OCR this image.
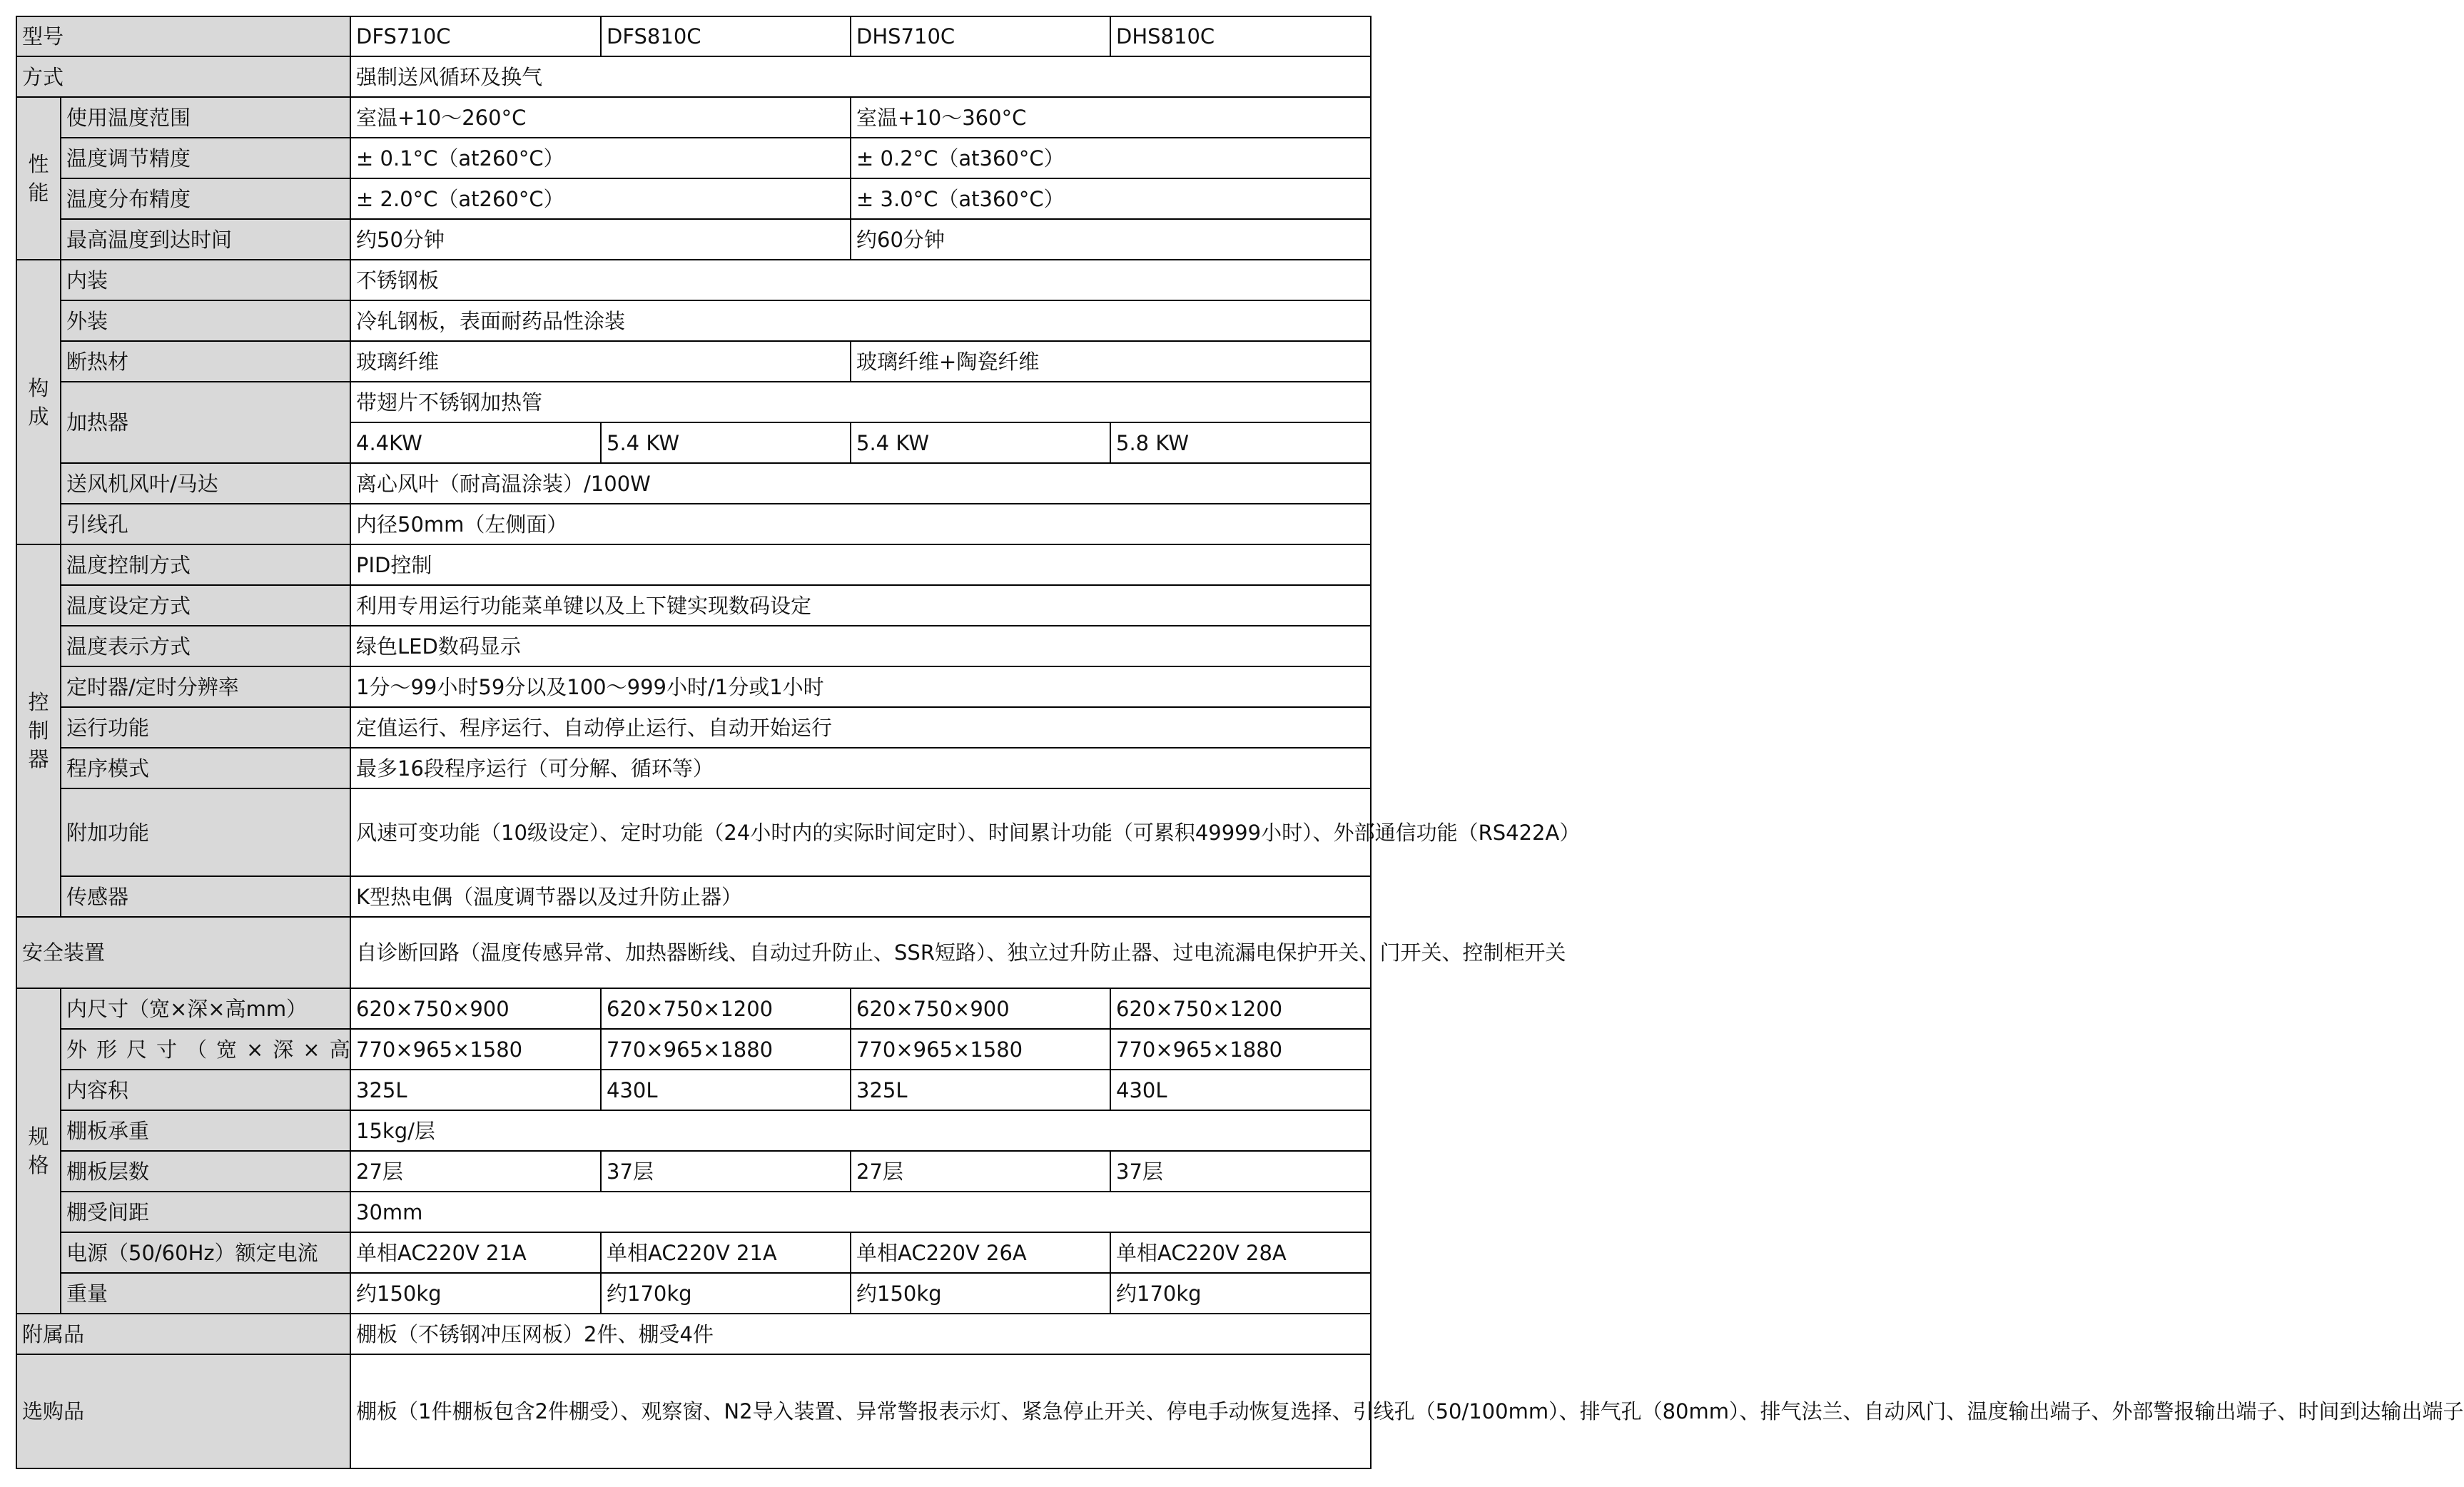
型号		DFS710C	DFS810C	DHS710C	DHS810C
方式		强制送风循环及换气			
性
能	使用温度范围	室温+10～260°C		室温+10～360°C	
	温度调节精度	± 0.1°C（at260°C）		± 0.2°C（at360°C）	
	温度分布精度	± 2.0°C（at260°C）		± 3.0°C（at360°C）	
	最高温度到达时间	约50分钟		约60分钟	
构
成	内装	不锈钢板			
	外装	冷轧钢板，表面耐药品性涂装			
	断热材	玻璃纤维		玻璃纤维+陶瓷纤维	
	加热器	带翅片不锈钢加热管			
		4.4KW	5.4 KW	5.4 KW	5.8 KW
	送风机风叶/马达	离心风叶（耐高温涂装）/100W			
	引线孔	内径50mm（左侧面）			
控
制
器	温度控制方式	PID控制			
	温度设定方式	利用专用运行功能菜单键以及上下键实现数码设定			
	温度表示方式	绿色LED数码显示			
	定时器/定时分辨率	1分～99小时59分以及100～999小时/1分或1小时			
	运行功能	定值运行、程序运行、自动停止运行、自动开始运行			
	程序模式	最多16段程序运行（可分解、循环等）			
	附加功能	风速可变功能（10级设定）、定时功能（24小时内的实际时间定时）、时间累计功能（可累积49999小时）、外部通信功能（RS422A）			
	传感器	K型热电偶（温度调节器以及过升防止器）			
安全装置		自诊断回路（温度传感异常、加热器断线、自动过升防止、SSR短路）、独立过升防止器、过电流漏电保护开关、门开关、控制柜开关			
规
格	内尺寸（宽×深×高mm）	620×750×900	620×750×1200	620×750×900	620×750×1200
	外形尺寸（宽×深×高	770×965×1580	770×965×1880	770×965×1580	770×965×1880
	内容积	325L	430L	325L	430L
	棚板承重	15kg/层			
	棚板层数	27层	37层	27层	37层
	棚受间距	30mm			
	电源（50/60Hz）额定电流	单相AC220V 21A	单相AC220V 21A	单相AC220V 26A	单相AC220V 28A
	重量	约150kg	约170kg	约150kg	约170kg
附属品		棚板（不锈钢冲压网板）2件、棚受4件			
选购品		棚板（1件棚板包含2件棚受）、观察窗、N2导入装置、异常警报表示灯、紧急停止开关、停电手动恢复选择、引线孔（50/100mm）、排气孔（80mm）、排气法兰、自动风门、温度输出端子、外部警报输出端子、时间到达输出端子			
